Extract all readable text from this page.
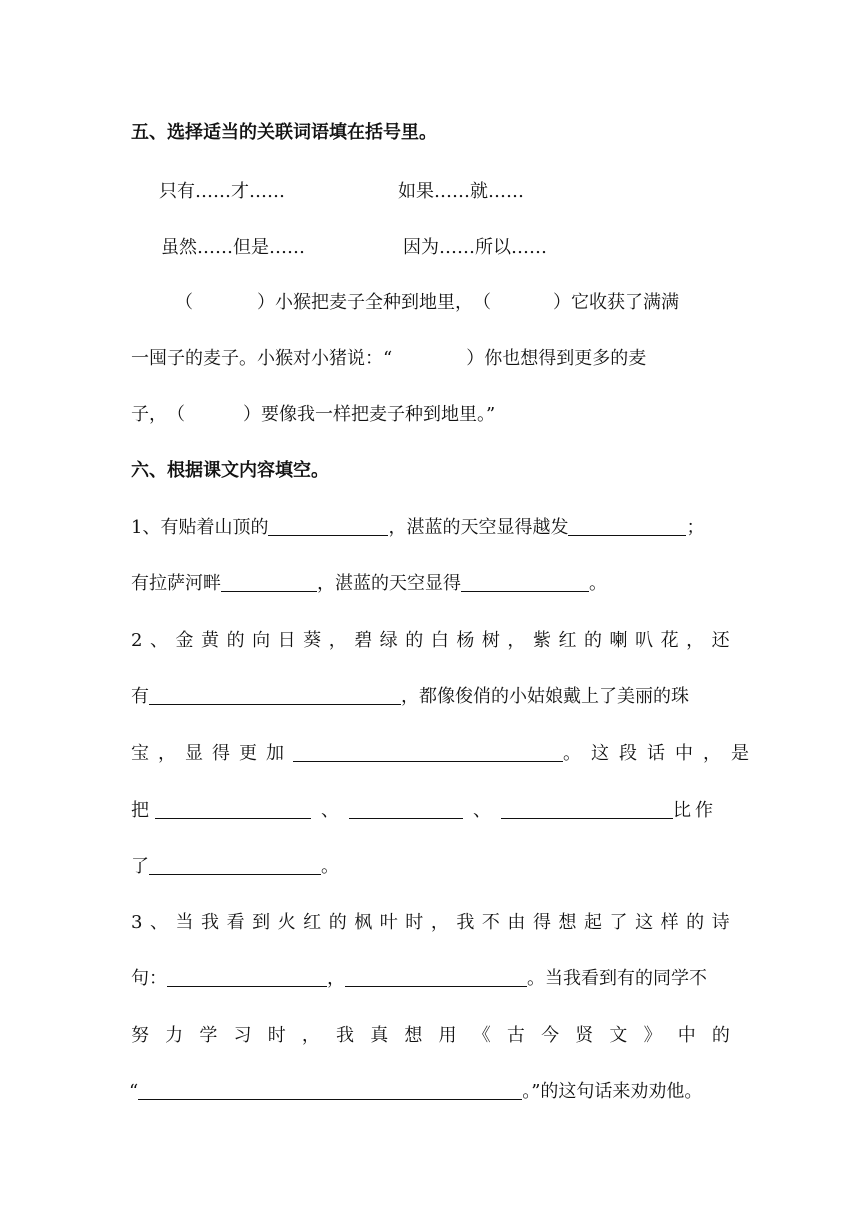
五、选择适当的关联词语填在括号里。
只有……才……	如果……就……
虽然……但是……	因为……所以……
（	）小猴把麦子全种到地里，（	）它收获了满满
一囤子的麦子。小猴对小猪说：“	）你也想得到更多的麦
子，（	）要像我一样把麦子种到地里。”
六、根据课文内容填空。
1、有贴着山顶的	，湛蓝的天空显得越发	；
有拉萨河畔	，湛蓝的天空显得	。
2 、 金 黄 的 向 日 葵 ， 碧 绿 的 白 杨 树 ， 紫 红 的 喇 叭 花 ， 还
有	，都像俊俏的小姑娘戴上了美丽的珠
宝，显得更加	。这段话中，是
把	、	、	比作
了	。
3 、 当 我 看 到 火 红 的 枫 叶 时 ， 我 不 由 得 想 起 了 这 样 的 诗
句：	，	。当我看到有的同学不
努 力 学 习 时 ， 我 真 想 用 《 古 今 贤 文 》 中 的
“	。”的这句话来劝劝他。
